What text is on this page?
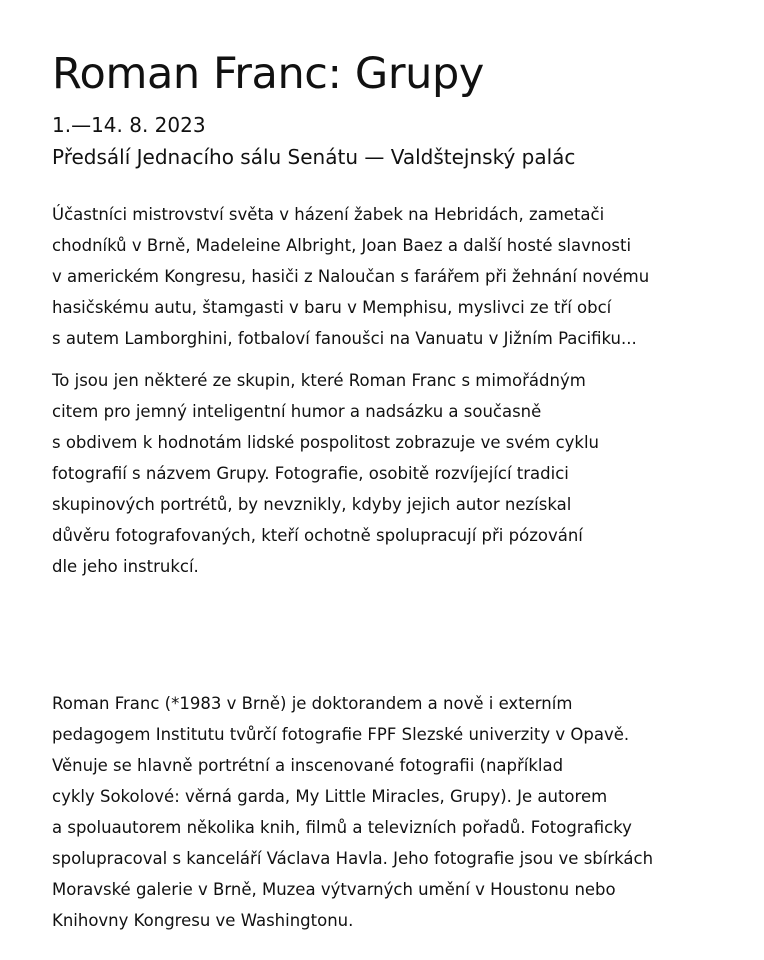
Roman Franc: Grupy
1.—14. 8. 2023
Předsálí Jednacího sálu Senátu — Valdštejnský palác
Účastníci mistrovství světa v házení žabek na Hebridách, zametači
chodníků v Brně, Madeleine Albright, Joan Baez a další hosté slavnosti
v americkém Kongresu, hasiči z Naloučan s farářem při žehnání novému
hasičskému autu, štamgasti v baru v Memphisu, myslivci ze tří obcí
s autem Lamborghini, fotbaloví fanoušci na Vanuatu v Jižním Pacifiku...
To jsou jen některé ze skupin, které Roman Franc s mimořádným
citem pro jemný inteligentní humor a nadsázku a současně
s obdivem k hodnotám lidské pospolitost zobrazuje ve svém cyklu
fotografií s názvem Grupy. Fotografie, osobitě rozvíjející tradici
skupinových portrétů, by nevznikly, kdyby jejich autor nezískal
důvěru fotografovaných, kteří ochotně spolupracují při pózování
dle jeho instrukcí.
Roman Franc (*1983 v Brně) je doktorandem a nově i externím
pedagogem Institutu tvůrčí fotografie FPF Slezské univerzity v Opavě.
Věnuje se hlavně portrétní a inscenované fotografii (například
cykly Sokolové: věrná garda, My Little Miracles, Grupy). Je autorem
a spoluautorem několika knih, filmů a televizních pořadů. Fotograficky
spolupracoval s kanceláří Václava Havla. Jeho fotografie jsou ve sbírkách
Moravské galerie v Brně, Muzea výtvarných umění v Houstonu nebo
Knihovny Kongresu ve Washingtonu.
